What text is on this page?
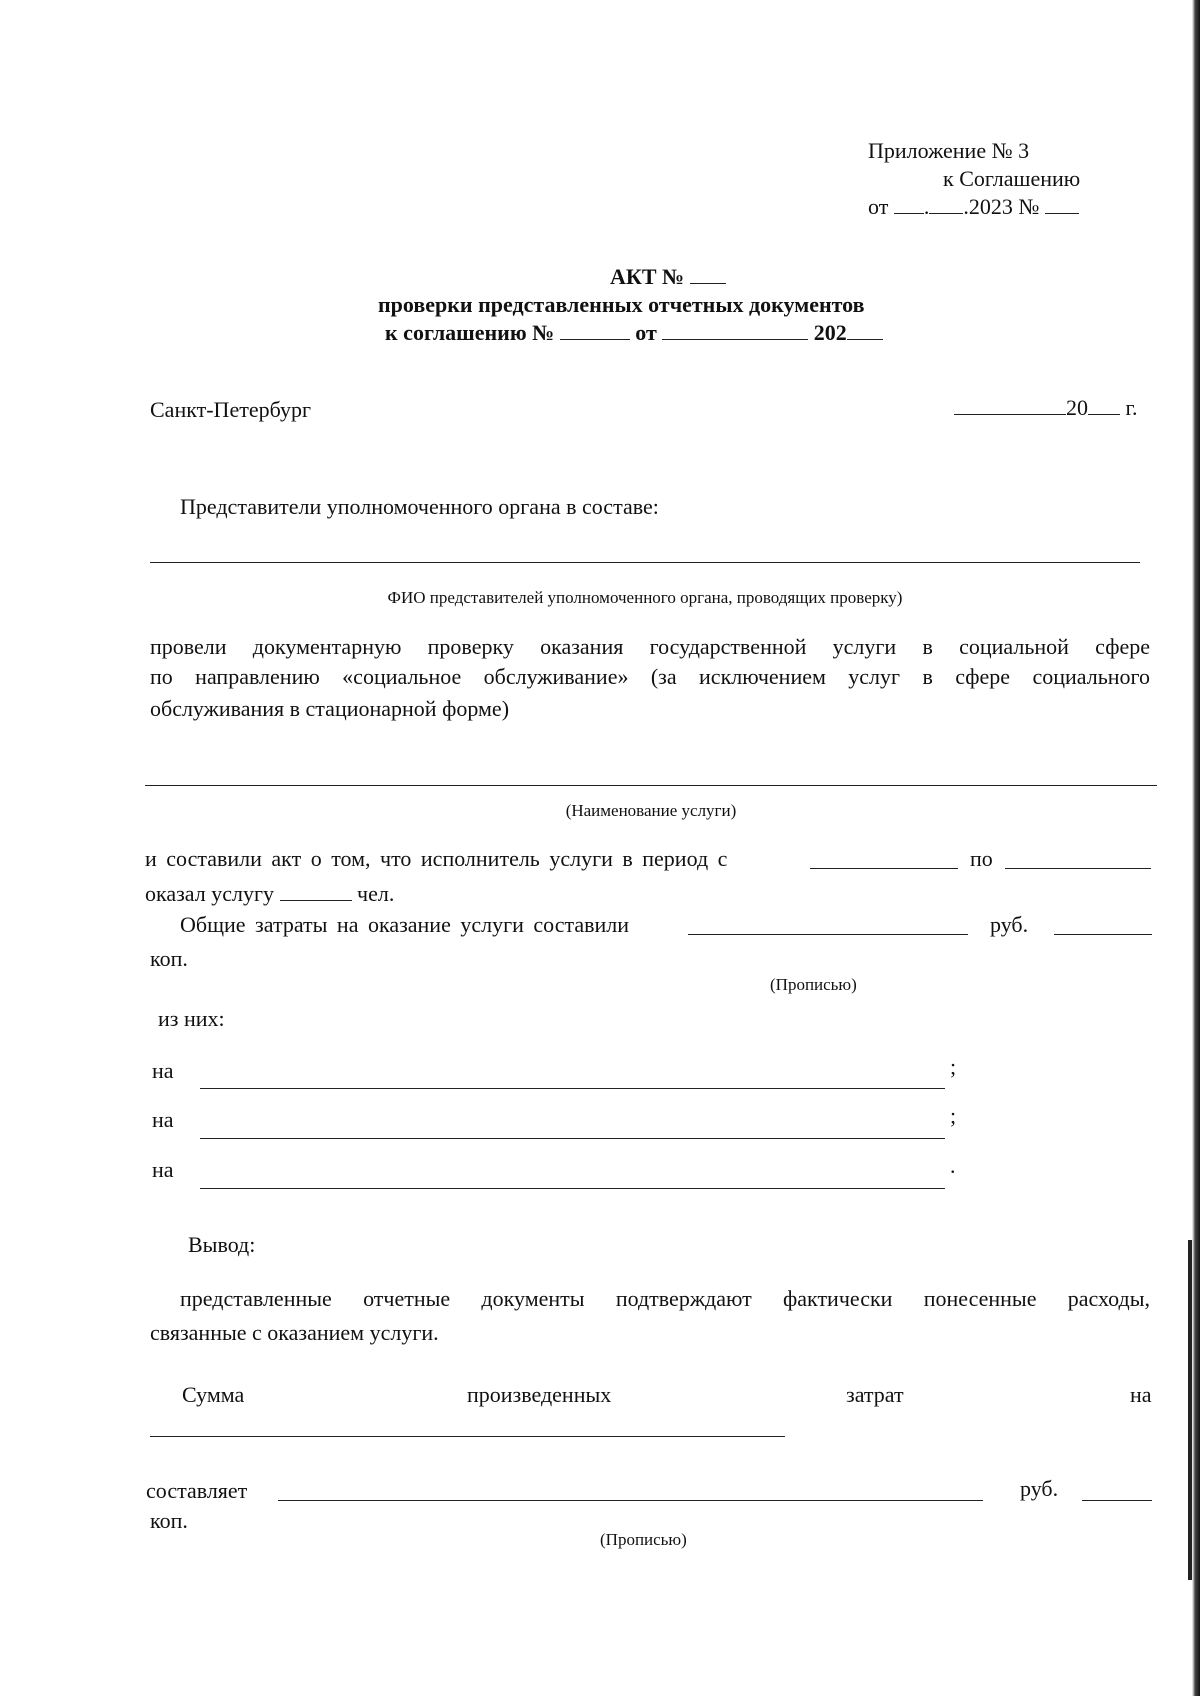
Приложение № 3
к Соглашению
от . .2023 №
АКТ №
проверки представленных отчетных документов
к соглашению №	от	202
Санкт-Петербург	20 г.
Представители уполномоченного органа в составе:
ФИО представителей уполномоченного органа, проводящих проверку)
провели документарную проверку оказания государственной услуги в социальной сфере
по направлению «социальное обслуживание» (за исключением услуг в сфере социального
обслуживания в стационарной форме)
(Наименование услуги)
и составили акт о том, что исполнитель услуги в период с	по
оказал услугу	чел.
Общие затраты на оказание услуги составили	руб.
коп.
(Прописью)
из них:
на	;
на	;
на	.
Вывод:
представленные отчетные документы подтверждают фактически понесенные расходы,
связанные с оказанием услуги.
Сумма	произведенных	затрат	на
составляет	руб.
коп.
(Прописью)
